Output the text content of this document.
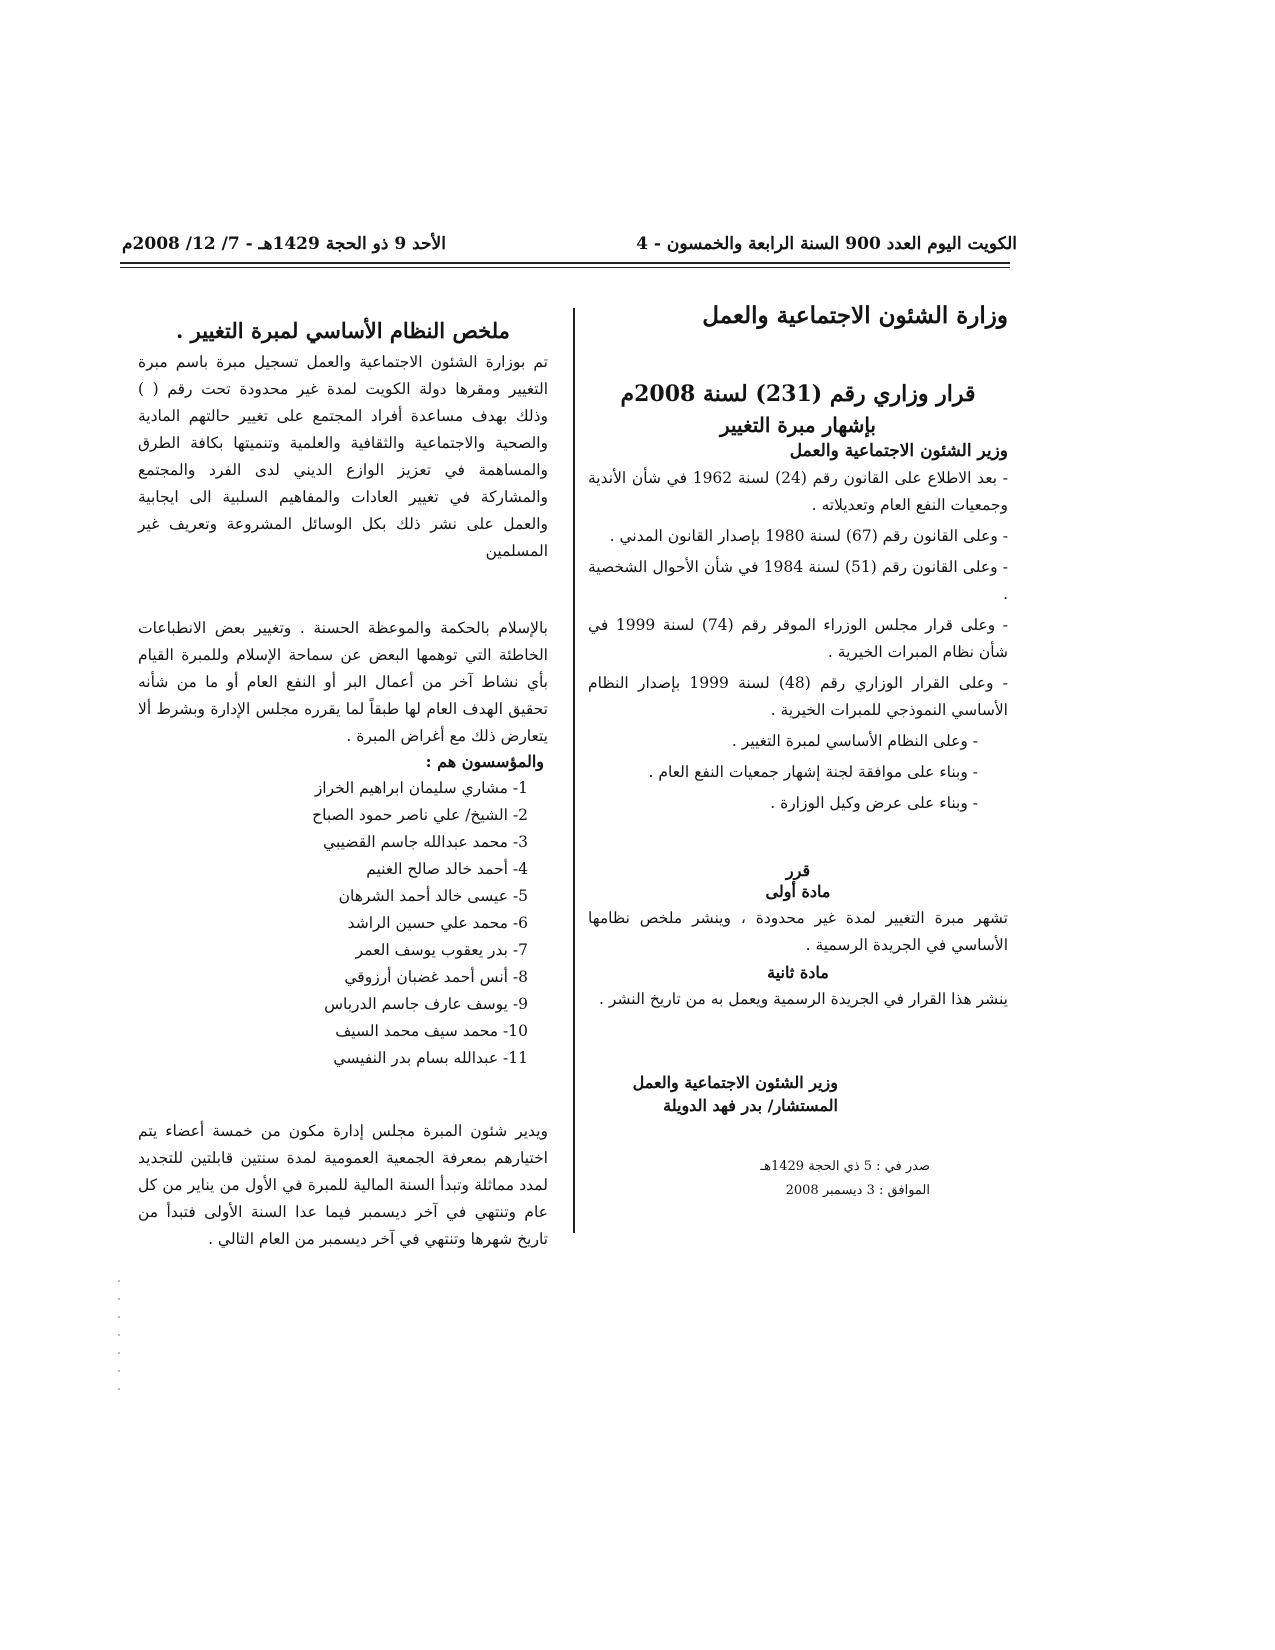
الكويت اليوم العدد 900 السنة الرابعة والخمسون - 4
الأحد 9 ذو الحجة 1429هـ - 7/ 12/ 2008م
وزارة الشئون الاجتماعية والعمل
قرار وزاري رقم (231) لسنة 2008م
بإشهار مبرة التغيير
وزير الشئون الاجتماعية والعمل

- بعد الاطلاع على القانون رقم (24) لسنة 1962 في شأن الأندية وجمعيات النفع العام وتعديلاته .

- وعلى القانون رقم (67) لسنة 1980 بإصدار القانون المدني .

- وعلى القانون رقم (51) لسنة 1984 في شأن الأحوال الشخصية .

- وعلى قرار مجلس الوزراء الموقر رقم (74) لسنة 1999 في شأن نظام المبرات الخيرية .

- وعلى القرار الوزاري رقم (48) لسنة 1999 بإصدار النظام الأساسي النموذجي للمبرات الخيرية .

- وعلى النظام الأساسي لمبرة التغيير .

- وبناء على موافقة لجنة إشهار جمعيات النفع العام .

- وبناء على عرض وكيل الوزارة .

قرر
مادة أولى

تشهر مبرة التغيير لمدة غير محدودة ، وينشر ملخص نظامها الأساسي في الجريدة الرسمية .

مادة ثانية

ينشر هذا القرار في الجريدة الرسمية ويعمل به من تاريخ النشر .

وزير الشئون الاجتماعية والعمل
المستشار/ بدر فهد الدويلة
صدر في : 5 ذي الحجة 1429هـ
الموافق : 3 ديسمبر 2008
ملخص النظام الأساسي لمبرة التغيير .

تم بوزارة الشئون الاجتماعية والعمل تسجيل مبرة باسم مبرة التغيير ومقرها دولة الكويت لمدة غير محدودة تحت رقم ( ) وذلك بهدف مساعدة أفراد المجتمع على تغيير حالتهم المادية والصحية والاجتماعية والثقافية والعلمية وتنميتها بكافة الطرق والمساهمة في تعزيز الوازع الديني لدى الفرد والمجتمع والمشاركة في تغيير العادات والمفاهيم السلبية الى ايجابية والعمل على نشر ذلك بكل الوسائل المشروعة وتعريف غير المسلمين

بالإسلام بالحكمة والموعظة الحسنة . وتغيير بعض الانطباعات الخاطئة التي توهمها البعض عن سماحة الإسلام وللمبرة القيام بأي نشاط آخر من أعمال البر أو النفع العام أو ما من شأنه تحقيق الهدف العام لها طبقاً لما يقرره مجلس الإدارة وبشرط ألا يتعارض ذلك مع أغراض المبرة .

والمؤسسون هم :
1- مشاري سليمان ابراهيم الخراز
2- الشيخ/ علي ناصر حمود الصباح
3- محمد عبدالله جاسم القضيبي
4- أحمد خالد صالح الغنيم
5- عيسى خالد أحمد الشرهان
6- محمد علي حسين الراشد
7- بدر يعقوب يوسف العمر
8- أنس أحمد غضبان أرزوقي
9- يوسف عارف جاسم الدرباس
10- محمد سيف محمد السيف
11- عبدالله بسام بدر النفيسي

ويدير شئون المبرة مجلس إدارة مكون من خمسة أعضاء يتم اختيارهم بمعرفة الجمعية العمومية لمدة سنتين قابلتين للتجديد لمدد مماثلة وتبدأ السنة المالية للمبرة في الأول من يناير من كل عام وتنتهي في آخر ديسمبر فيما عدا السنة الأولى فتبدأ من تاريخ شهرها وتنتهي في آخر ديسمبر من العام التالي .
